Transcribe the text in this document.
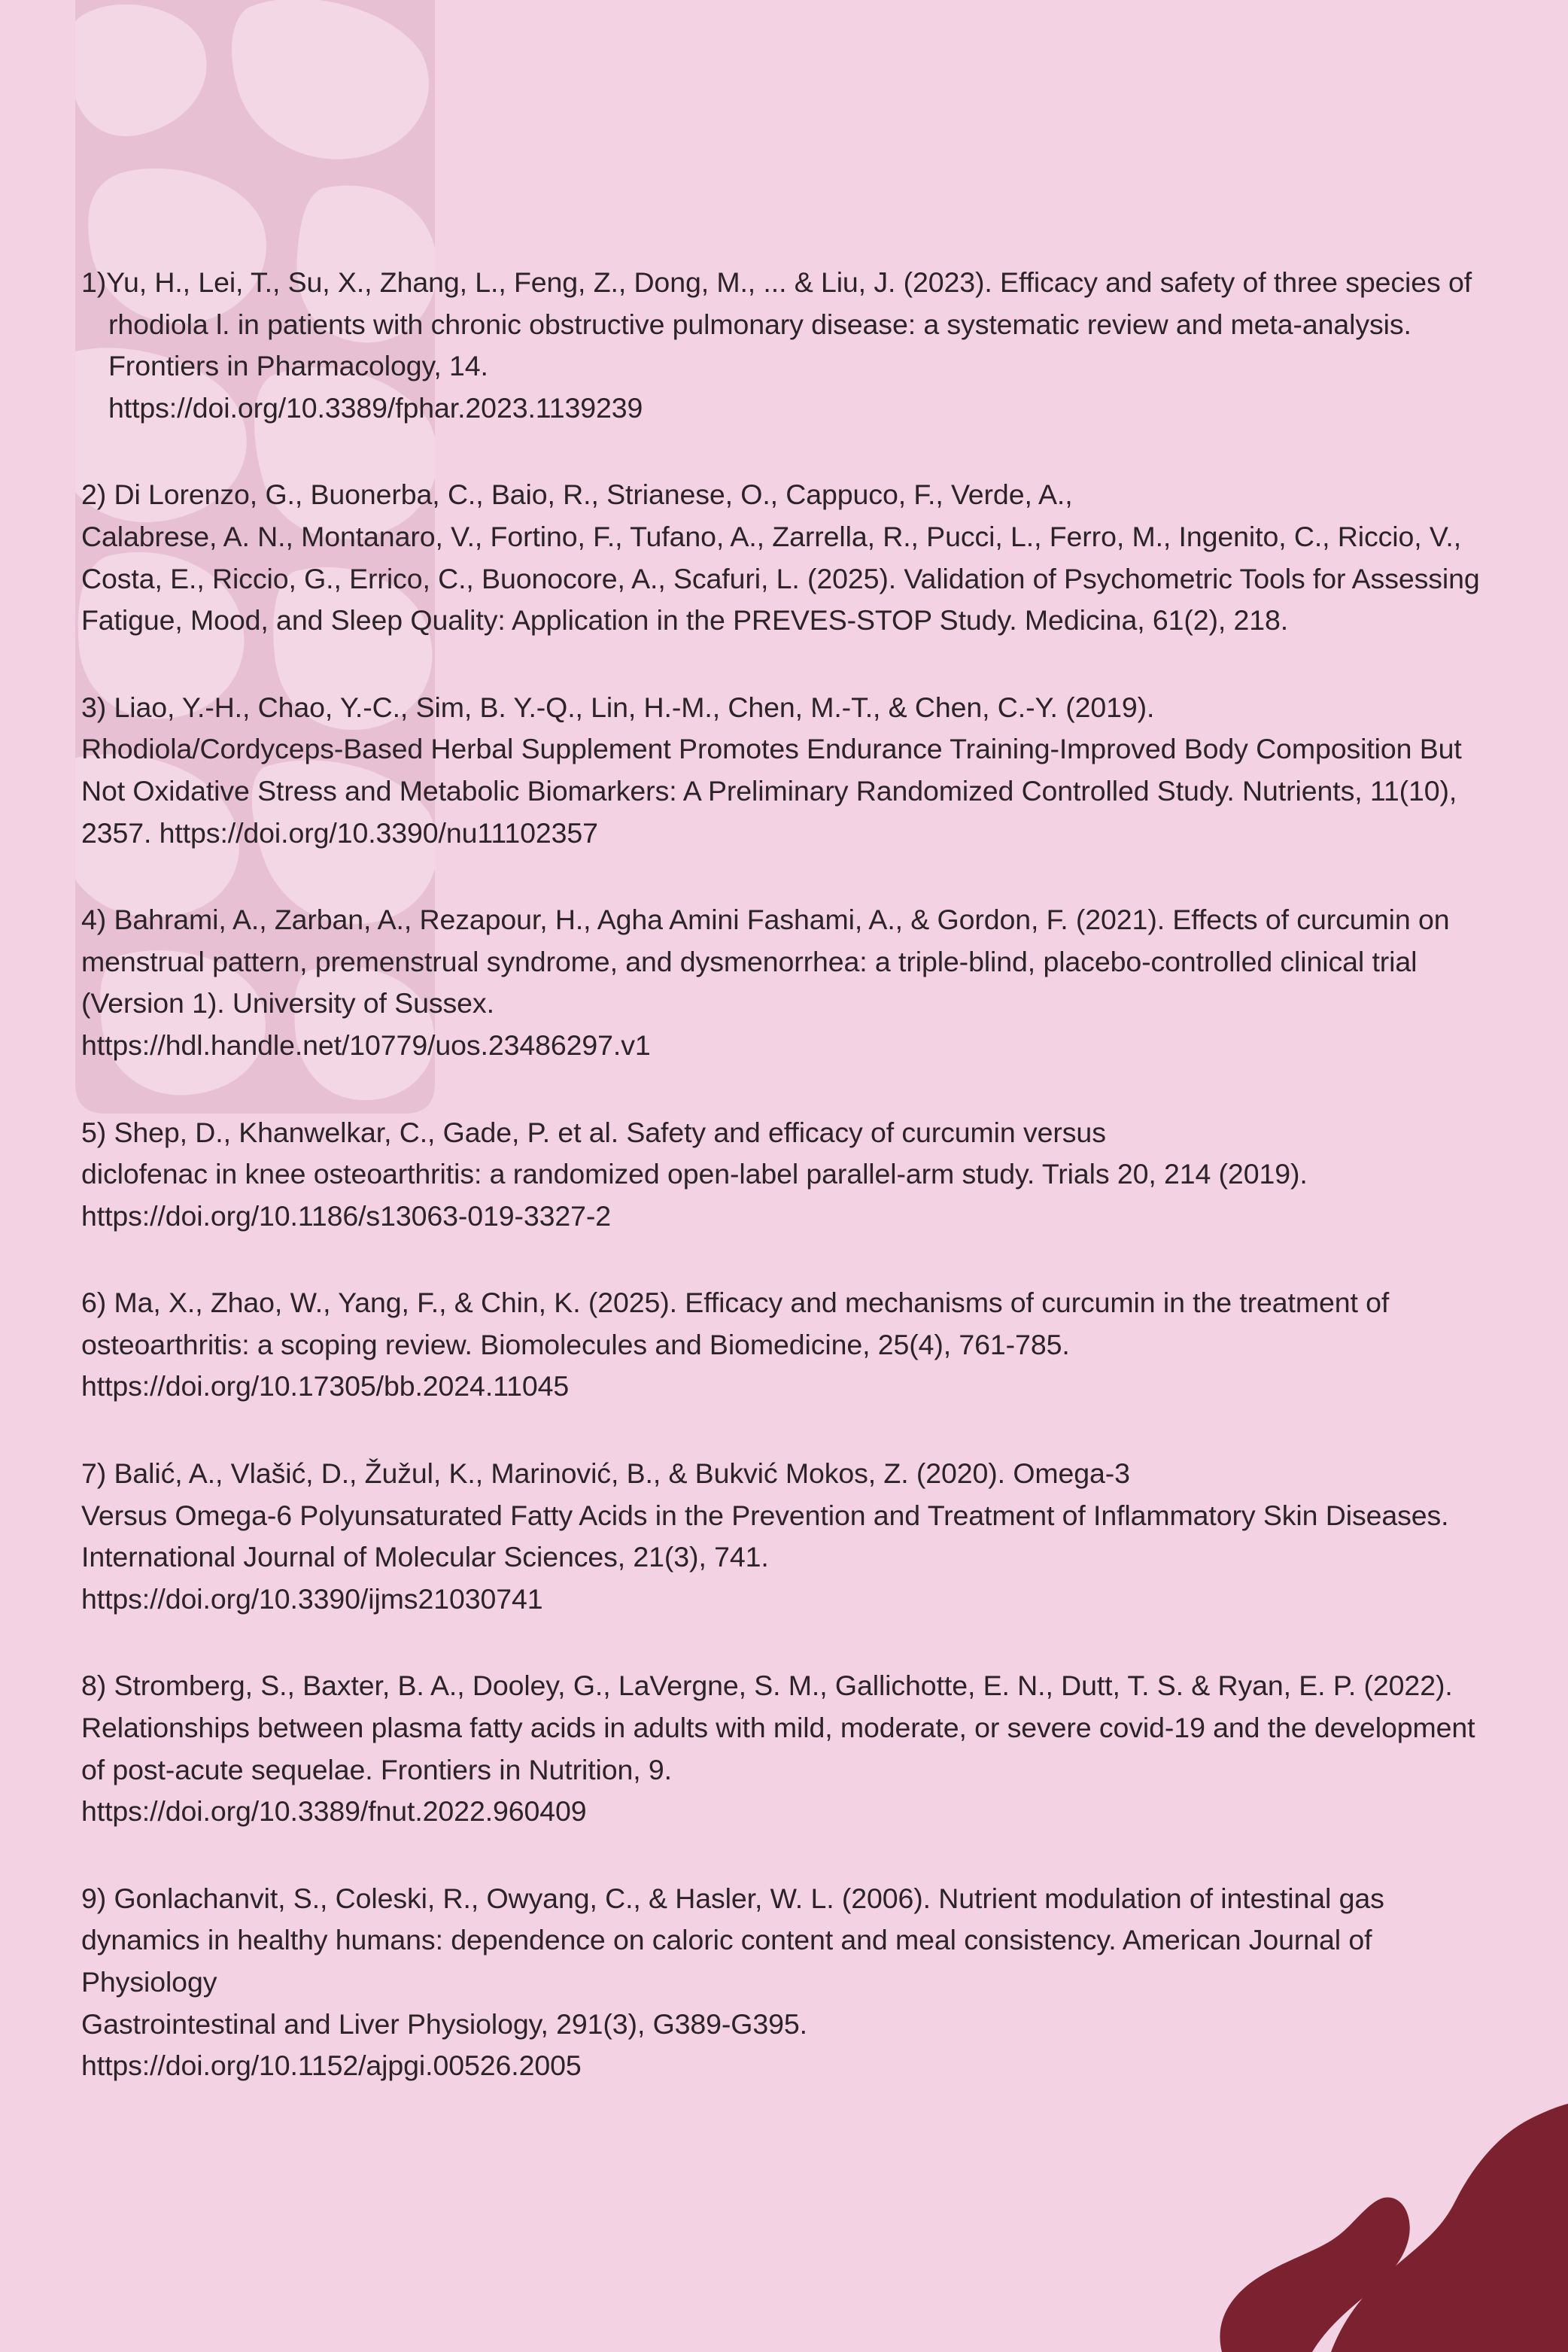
1)Yu, H., Lei, T., Su, X., Zhang, L., Feng, Z., Dong, M., ... & Liu, J. (2023). Efficacy and safety of three species of rhodiola l. in patients with chronic obstructive pulmonary disease: a systematic review and meta-analysis. Frontiers in Pharmacology, 14.
https://doi.org/10.3389/fphar.2023.1139239

2) Di Lorenzo, G., Buonerba, C., Baio, R., Strianese, O., Cappuco, F., Verde, A.,
Calabrese, A. N., Montanaro, V., Fortino, F., Tufano, A., Zarrella, R., Pucci, L., Ferro, M., Ingenito, C., Riccio, V., Costa, E., Riccio, G., Errico, C., Buonocore, A., Scafuri, L. (2025). Validation of Psychometric Tools for Assessing Fatigue, Mood, and Sleep Quality: Application in the PREVES-STOP Study. Medicina, 61(2), 218.

3) Liao, Y.-H., Chao, Y.-C., Sim, B. Y.-Q., Lin, H.-M., Chen, M.-T., & Chen, C.-Y. (2019).
Rhodiola/Cordyceps-Based Herbal Supplement Promotes Endurance Training-Improved Body Composition But Not Oxidative Stress and Metabolic Biomarkers: A Preliminary Randomized Controlled Study. Nutrients, 11(10), 2357. https://doi.org/10.3390/nu11102357

4) Bahrami, A., Zarban, A., Rezapour, H., Agha Amini Fashami, A., & Gordon, F. (2021). Effects of curcumin on menstrual pattern, premenstrual syndrome, and dysmenorrhea: a triple-blind, placebo-controlled clinical trial (Version 1). University of Sussex.
https://hdl.handle.net/10779/uos.23486297.v1

5) Shep, D., Khanwelkar, C., Gade, P. et al. Safety and efficacy of curcumin versus
diclofenac in knee osteoarthritis: a randomized open-label parallel-arm study. Trials 20, 214 (2019). https://doi.org/10.1186/s13063-019-3327-2

6) Ma, X., Zhao, W., Yang, F., & Chin, K. (2025). Efficacy and mechanisms of curcumin in the treatment of osteoarthritis: a scoping review. Biomolecules and Biomedicine, 25(4), 761-785.
https://doi.org/10.17305/bb.2024.11045

7) Balić, A., Vlašić, D., Žužul, K., Marinović, B., & Bukvić Mokos, Z. (2020). Omega-3
Versus Omega-6 Polyunsaturated Fatty Acids in the Prevention and Treatment of Inflammatory Skin Diseases. International Journal of Molecular Sciences, 21(3), 741.
https://doi.org/10.3390/ijms21030741

8) Stromberg, S., Baxter, B. A., Dooley, G., LaVergne, S. M., Gallichotte, E. N., Dutt, T. S. & Ryan, E. P. (2022). Relationships between plasma fatty acids in adults with mild, moderate, or severe covid-19 and the development of post-acute sequelae. Frontiers in Nutrition, 9.
https://doi.org/10.3389/fnut.2022.960409

9) Gonlachanvit, S., Coleski, R., Owyang, C., & Hasler, W. L. (2006). Nutrient modulation of intestinal gas dynamics in healthy humans: dependence on caloric content and meal consistency. American Journal of Physiology
Gastrointestinal and Liver Physiology, 291(3), G389-G395.
https://doi.org/10.1152/ajpgi.00526.2005
